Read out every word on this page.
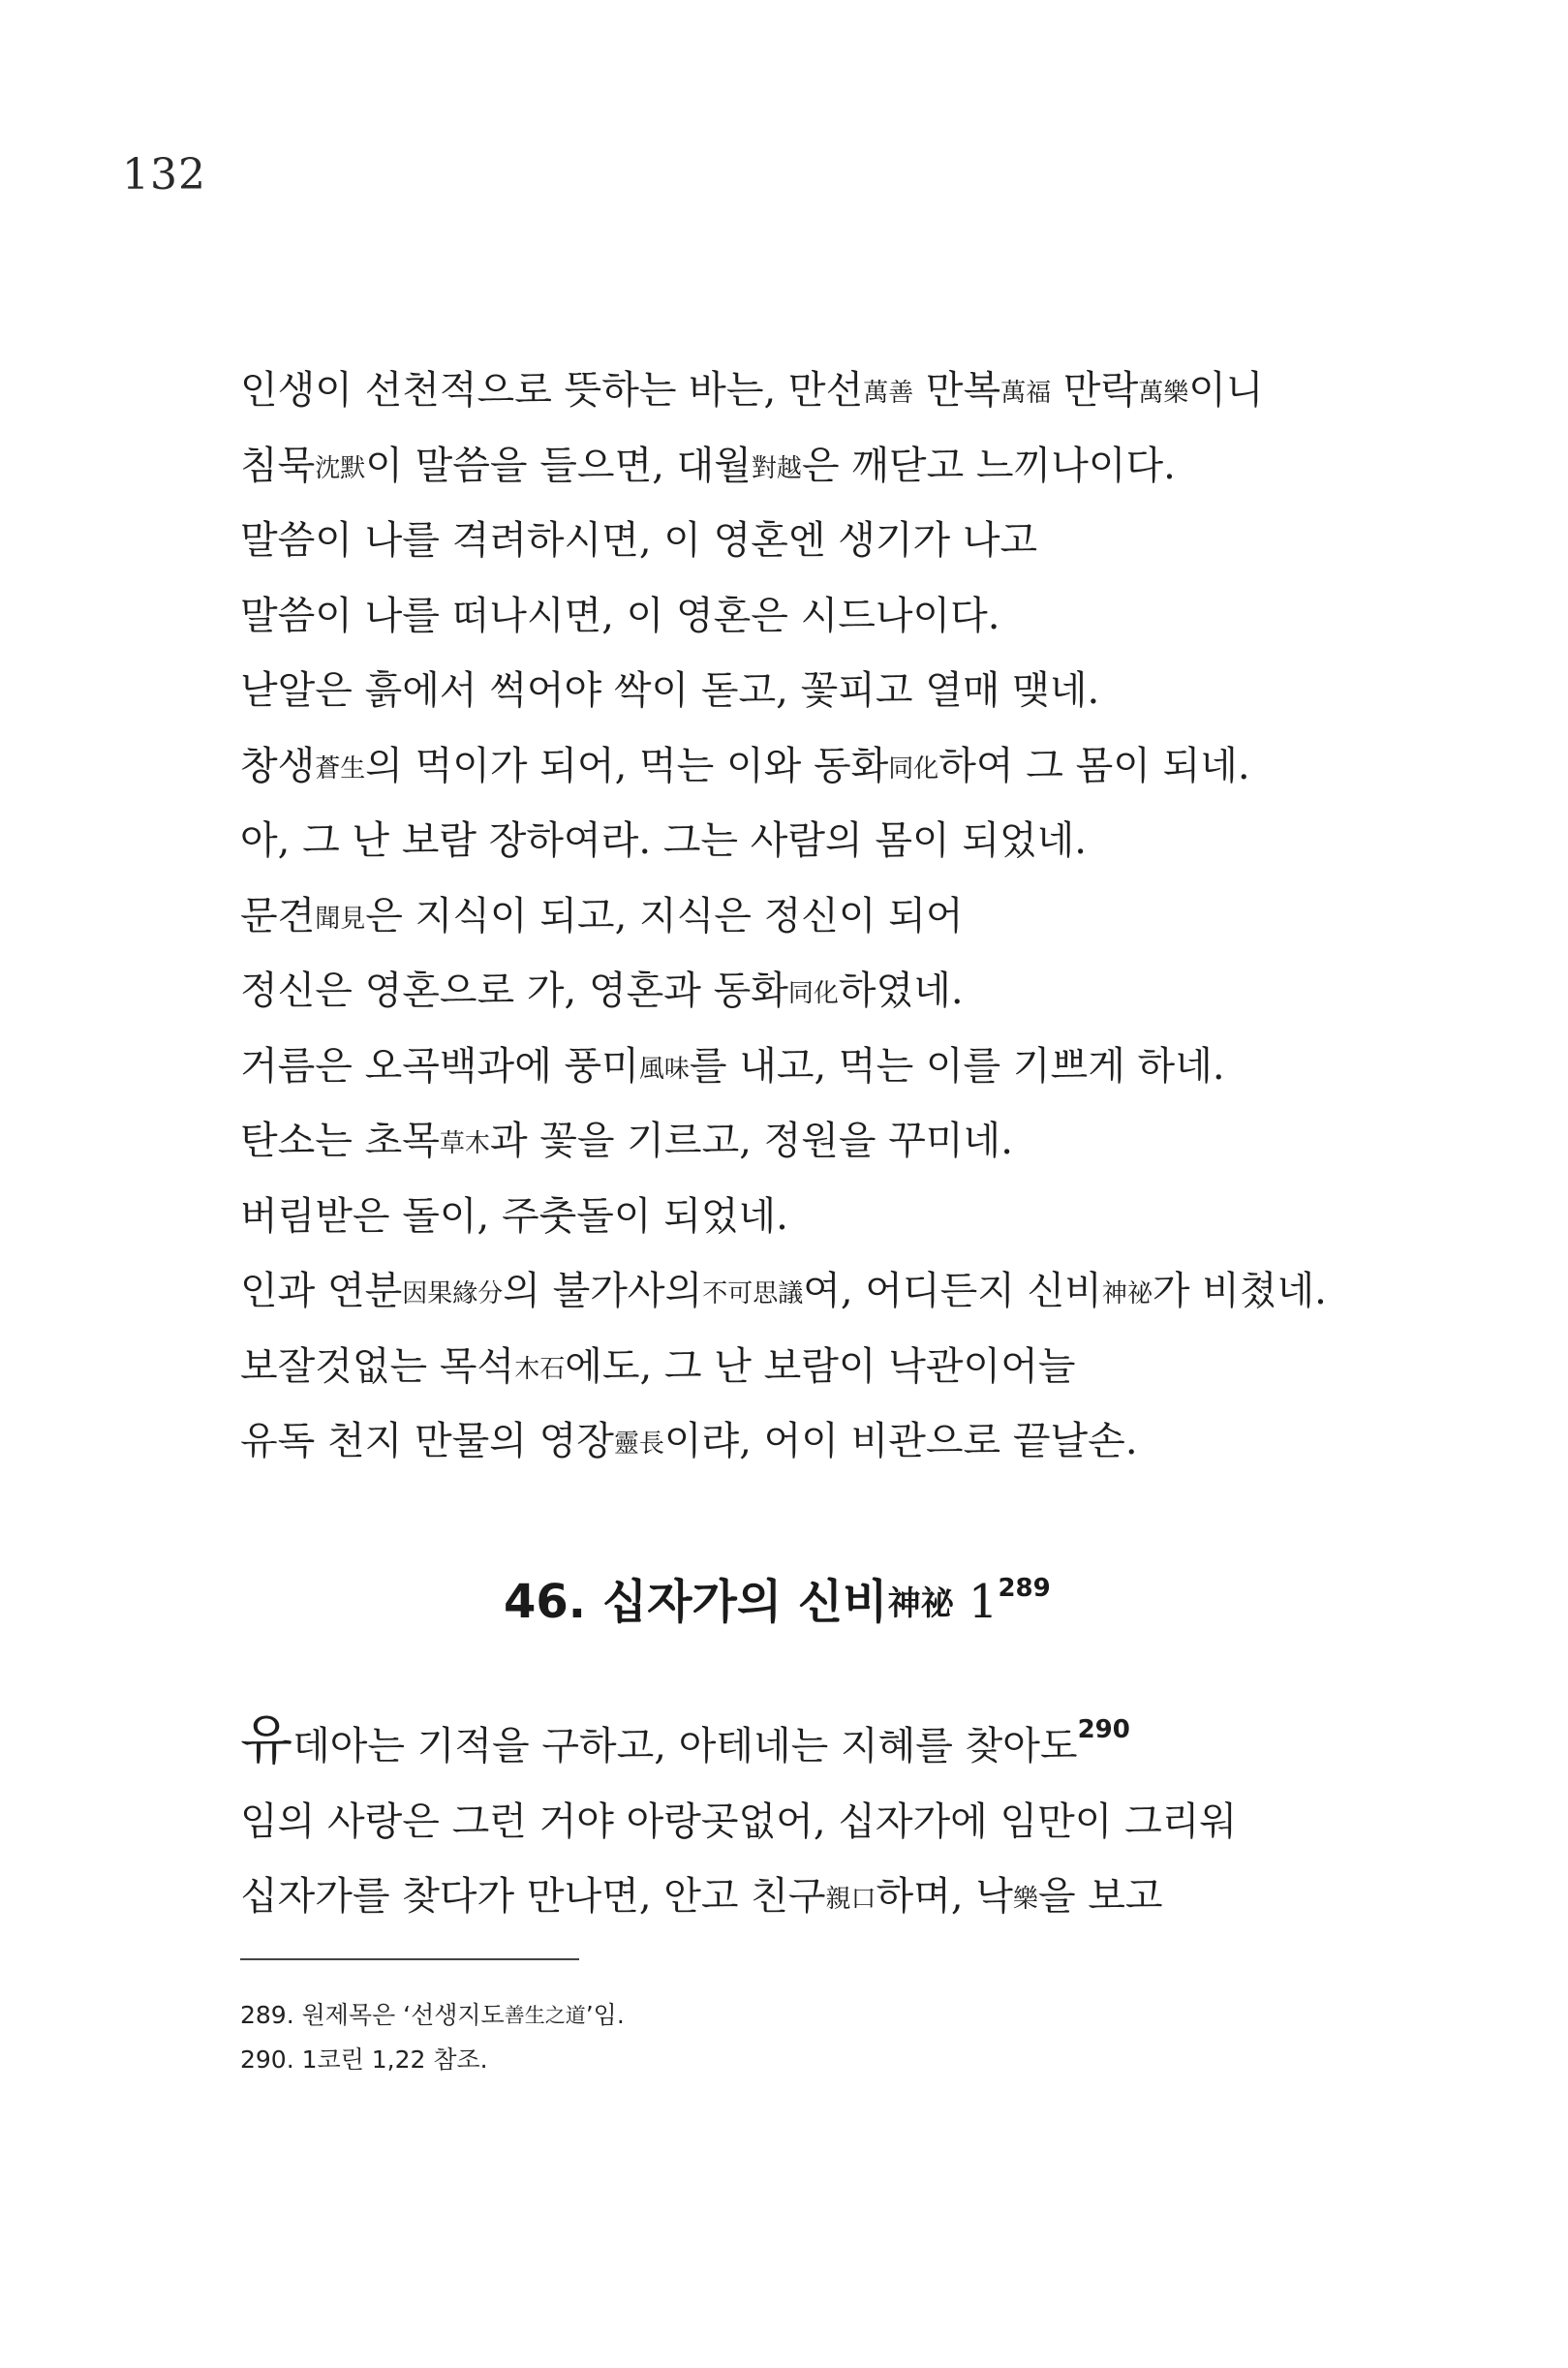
132
인생이 선천적으로 뜻하는 바는, 만선萬善 만복萬福 만락萬樂이니
침묵沈默이 말씀을 들으면, 대월對越은 깨닫고 느끼나이다.
말씀이 나를 격려하시면, 이 영혼엔 생기가 나고
말씀이 나를 떠나시면, 이 영혼은 시드나이다.
낟알은 흙에서 썩어야 싹이 돋고, 꽃피고 열매 맺네.
창생蒼生의 먹이가 되어, 먹는 이와 동화同化하여 그 몸이 되네.
아, 그 난 보람 장하여라. 그는 사람의 몸이 되었네.
문견聞見은 지식이 되고, 지식은 정신이 되어
정신은 영혼으로 가, 영혼과 동화同化하였네.
거름은 오곡백과에 풍미風味를 내고, 먹는 이를 기쁘게 하네.
탄소는 초목草木과 꽃을 기르고, 정원을 꾸미네.
버림받은 돌이, 주춧돌이 되었네.
인과 연분因果緣分의 불가사의不可思議여, 어디든지 신비神祕가 비쳤네.
보잘것없는 목석木石에도, 그 난 보람이 낙관이어늘
유독 천지 만물의 영장靈長이랴, 어이 비관으로 끝날손.
46. 십자가의 신비神祕 $1^{289}$
유데아는 기적을 구하고, 아테네는 지혜를 찾아도$^{290}$
임의 사랑은 그런 거야 아랑곳없어, 십자가에 임만이 그리워
십자가를 찾다가 만나면, 안고 친구親口하며, 낙樂을 보고
289. 원제목은 ‘선생지도善生之道’임.
290. 1코린 1,22 참조.
